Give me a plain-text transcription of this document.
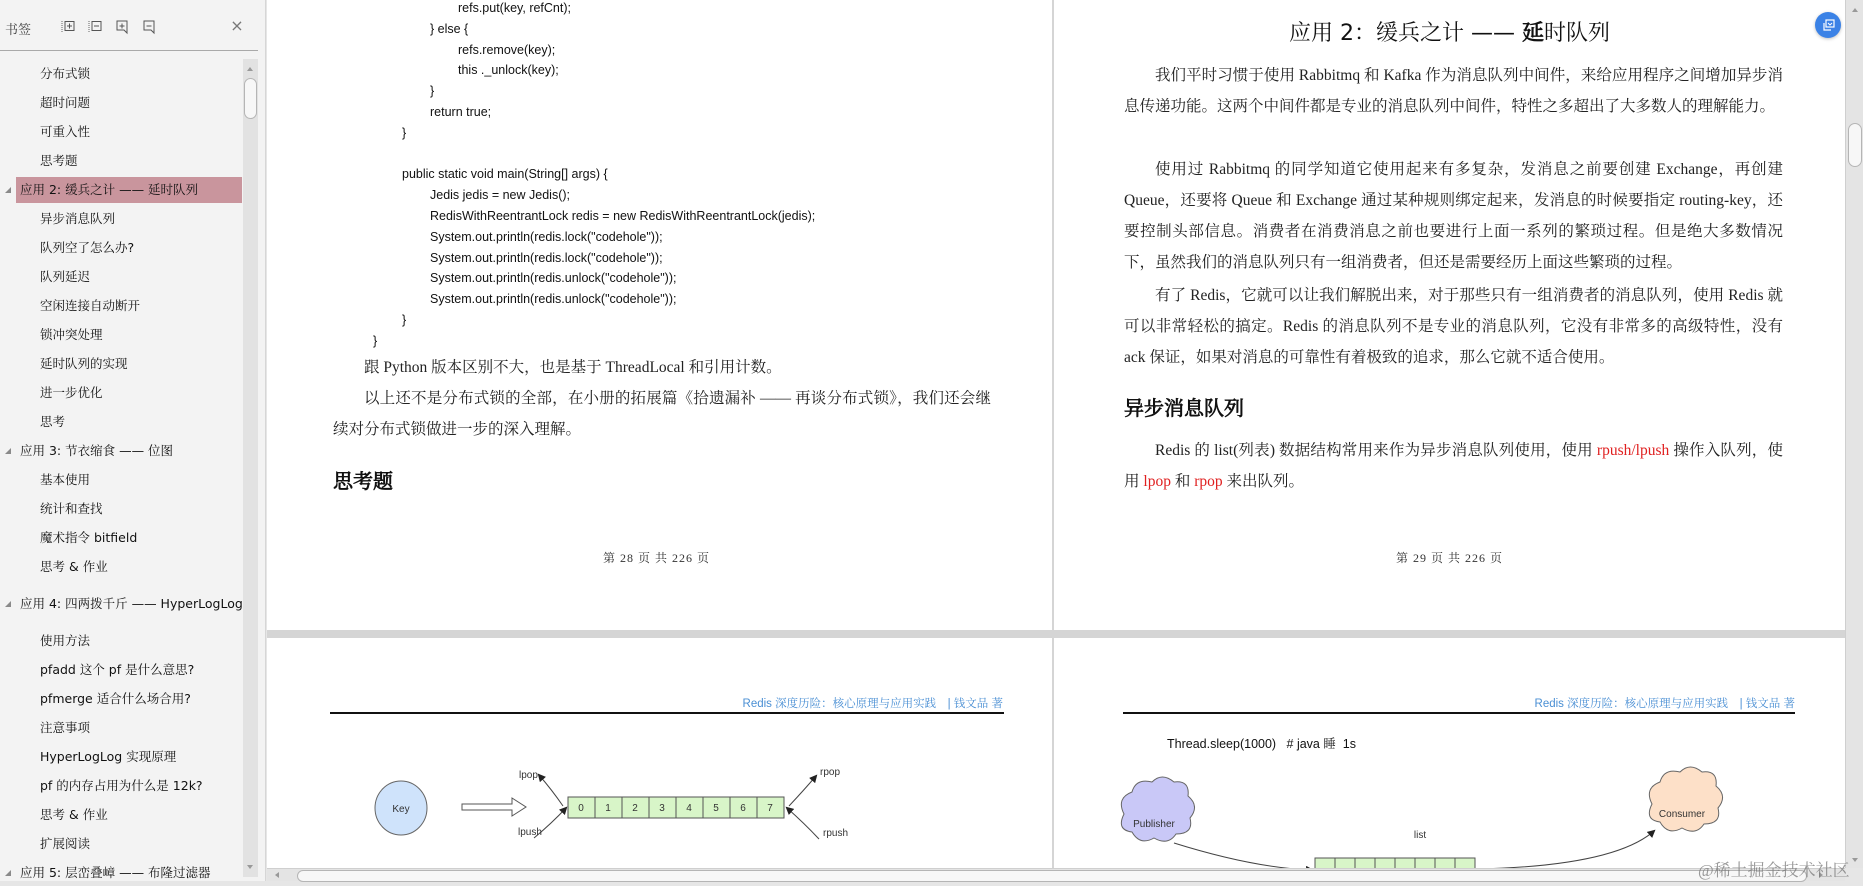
书签	×
分布式锁
超时问题
可重入性
思考题
应用 2: 缓兵之计 —— 延时队列
异步消息队列
队列空了怎么办?
队列延迟
空闲连接自动断开
锁冲突处理
延时队列的实现
进一步优化
思考
应用 3: 节衣缩食 —— 位图
基本使用
统计和查找
魔术指令 bitfield
思考 & 作业
应用 4: 四两拨千斤 —— HyperLogLog
使用方法
pfadd 这个 pf 是什么意思?
pfmerge 适合什么场合用?
注意事项
HyperLogLog 实现原理
pf 的内存占用为什么是 12k?
思考 & 作业
扩展阅读
应用 5: 层峦叠嶂 —— 布隆过滤器

refs.put(key, refCnt);

} else {

refs.remove(key);

this ._unlock(key);

}

return true;

}

public static void main(String[] args) {

Jedis jedis = new Jedis();

RedisWithReentrantLock redis = new RedisWithReentrantLock(jedis);

System.out.println(redis.lock("codehole"));

System.out.println(redis.lock("codehole"));

System.out.println(redis.unlock("codehole"));

System.out.println(redis.unlock("codehole"));

}

}

跟 Python 版本区别不大，也是基于 ThreadLocal 和引用计数。
以上还不是分布式锁的全部，在小册的拓展篇《拾遗漏补 —— 再谈分布式锁》，我们还会继续对分布式锁做进一步的深入理解。
思考题
第 28 页 共 226 页
应用 2：缓兵之计 —— 延时队列
我们平时习惯于使用 Rabbitmq 和 Kafka 作为消息队列中间件，来给应用程序之间增加异步消息传递功能。这两个中间件都是专业的消息队列中间件，特性之多超出了大多数人的理解能力。
使用过 Rabbitmq 的同学知道它使用起来有多复杂，发消息之前要创建 Exchange，再创建 Queue，还要将 Queue 和 Exchange 通过某种规则绑定起来，发消息的时候要指定 routing-key，还要控制头部信息。消费者在消费消息之前也要进行上面一系列的繁琐过程。但是绝大多数情况下，虽然我们的消息队列只有一组消费者，但还是需要经历上面这些繁琐的过程。
有了 Redis，它就可以让我们解脱出来，对于那些只有一组消费者的消息队列，使用 Redis 就可以非常轻松的搞定。Redis 的消息队列不是专业的消息队列，它没有非常多的高级特性，没有 ack 保证，如果对消息的可靠性有着极致的追求，那么它就不适合使用。
异步消息队列
Redis 的 list(列表) 数据结构常用来作为异步消息队列使用，使用 rpush/lpush 操作入队列，使用 lpop 和 rpop 来出队列。
第 29 页 共 226 页
Redis 深度历险：核心原理与应用实践　| 钱文品 著
Key	0 1 2 3 4 5 6 7
lpop
lpush
rpop
rpush
Redis 深度历险：核心原理与应用实践　| 钱文品 著
Thread.sleep(1000)   # java 睡  1s
Publisher
Consumer
list
@稀土掘金技术社区
